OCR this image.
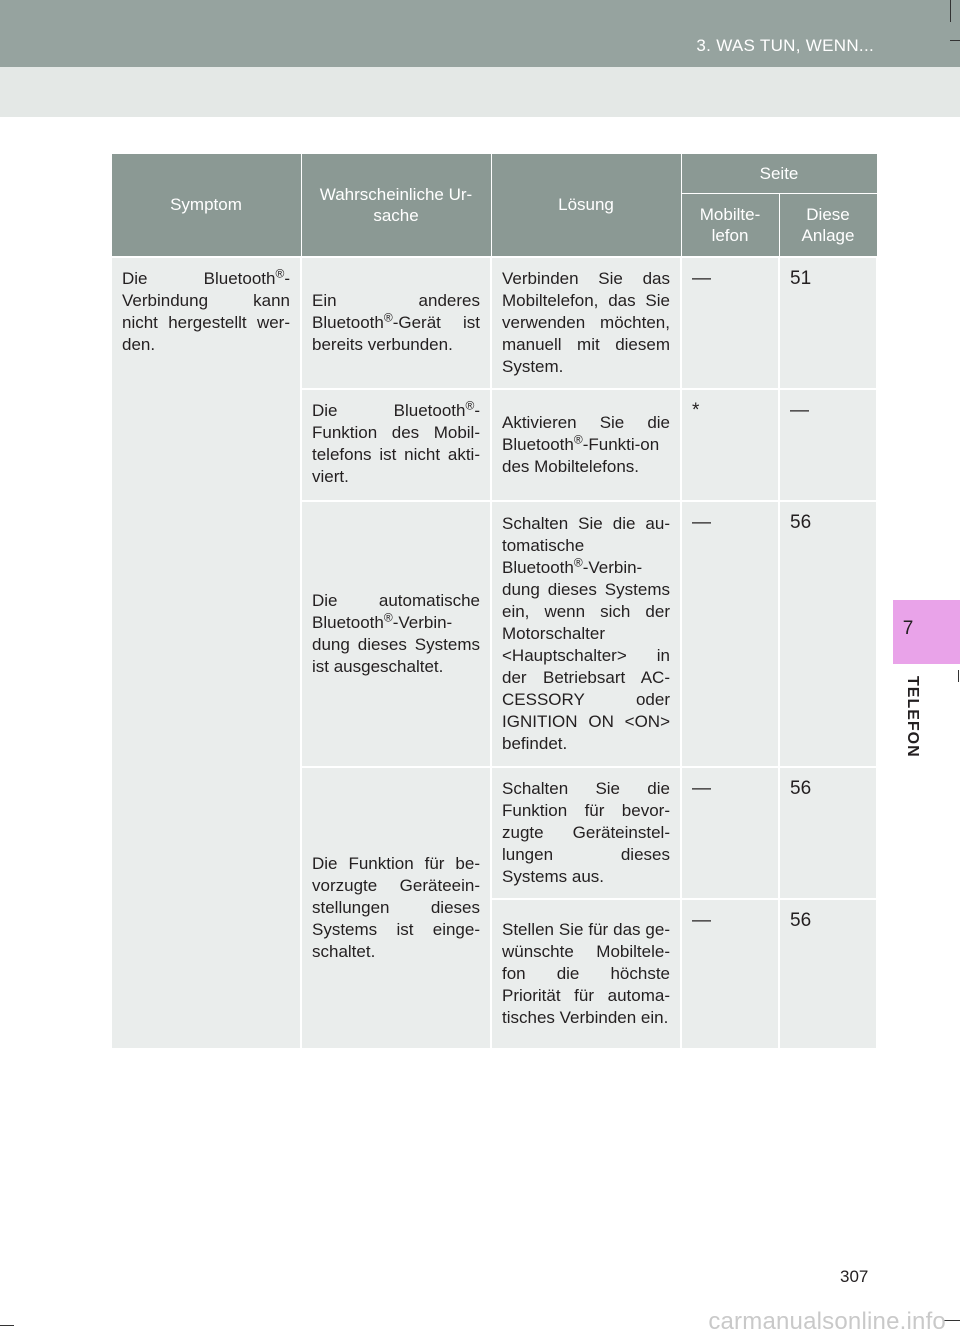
3. WAS TUN, WENN...
7
TELEFON
Symptom	Wahrscheinliche Ur-sache	Lösung	Seite	
			Mobilte-lefon	Diese Anlage
Die Bluetooth®-Verbindung kann nicht hergestellt wer-den.	Ein anderes Bluetooth®-Gerät ist bereits verbunden.	Verbinden Sie das Mobiltelefon, das Sie verwenden möchten, manuell mit diesem System.	—	51
	Die Bluetooth®-Funktion des Mobil-telefons ist nicht akti-viert.	Aktivieren Sie die Bluetooth®-Funkti-on des Mobiltelefons.	*	—
	Die automatische Bluetooth®-Verbin-dung dieses Systems ist ausgeschaltet.	Schalten Sie die au-tomatische Bluetooth®-Verbin-dung dieses Systems ein, wenn sich der Motorschalter <Hauptschalter> in der Betriebsart AC-CESSORY oder IGNITION ON <ON> befindet.	—	56
	Die Funktion für be-vorzugte Geräteein-stellungen dieses Systems ist einge-schaltet.	Schalten Sie die Funktion für bevor-zugte Geräteinstel-lungen dieses Systems aus.	—	56
		Stellen Sie für das ge-wünschte Mobiltele-fon die höchste Priorität für automa-tisches Verbinden ein.	—	56
307
carmanualsonline.info
